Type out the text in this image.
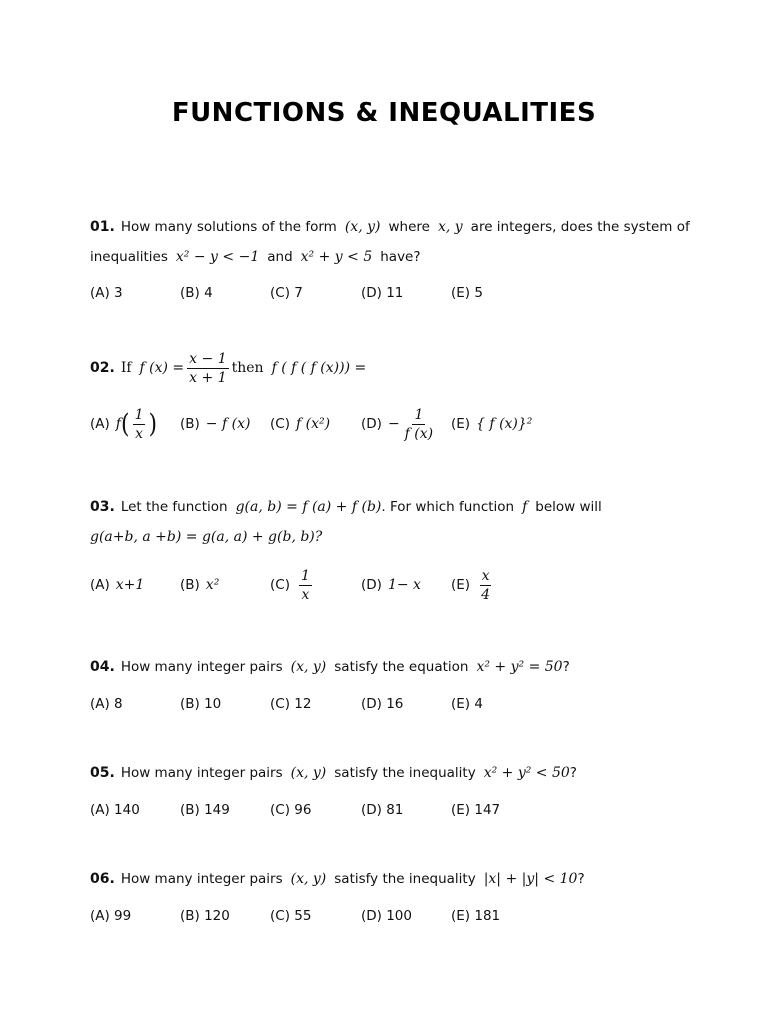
FUNCTIONS & INEQUALITIES
01. How many solutions of the form (x, y) where x, y are integers, does the system of
inequalities x² − y < −1 and x² + y < 5 have?
(A) 3	(B) 4	(C) 7	(D) 11	(E) 5
02. If f $(x) = \frac{x - 1}{x + 1}$ then f ( f ( f (x))) =
(A) f ( $\frac{1}{x}$ ) (B) − f (x) (C) f (x²) $(D) - \frac{1}{f (x)} (E)$ { f (x)}²
03. Let the function g(a, b) = f (a) + f (b) . For which function f below will
g(a+b, a +b) = g(a, a) + g(b, b)?
(A) x+1	(B) x²	$(C) \frac{1}{x}$	(D) 1− x $(E) \frac{x}{4}$
04. How many integer pairs (x, y) satisfy the equation x² + y² = 50 ?
(A) 8	(B) 10	(C) 12	(D) 16	(E) 4
05. How many integer pairs (x, y) satisfy the inequality x² + y² < 50 ?
(A) 140	(B) 149	(C) 96	(D) 81	(E) 147
06. How many integer pairs (x, y) satisfy the inequality |x| + |y| < 10 ?
(A) 99	(B) 120	(C) 55	(D) 100	(E) 181
